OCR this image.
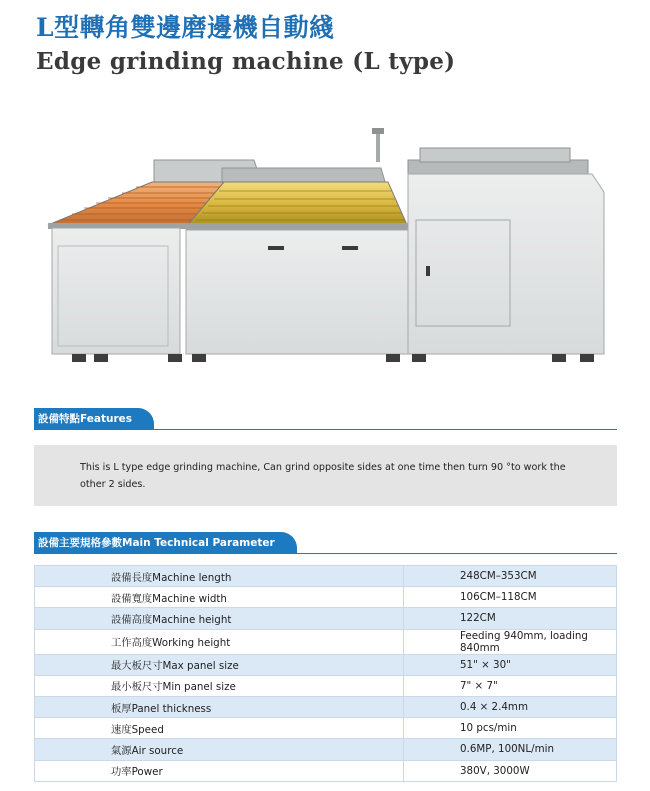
L型轉角雙邊磨邊機自動綫
Edge grinding machine (L type)
設備特點Features
This is L type edge grinding machine, Can grind opposite sides at one time then turn 90 °to work the other 2 sides.
設備主要規格參數Main Technical Parameter
設備長度Machine length	248CM–353CM
設備寬度Machine width	106CM–118CM
設備高度Machine height	122CM
工作高度Working height	Feeding 940mm, loading 840mm
最大板尺寸Max panel size	51" × 30"
最小板尺寸Min panel size	7" × 7"
板厚Panel thickness	0.4 × 2.4mm
速度Speed	10 pcs/min
氣源Air source	0.6MP, 100NL/min
功率Power	380V, 3000W
